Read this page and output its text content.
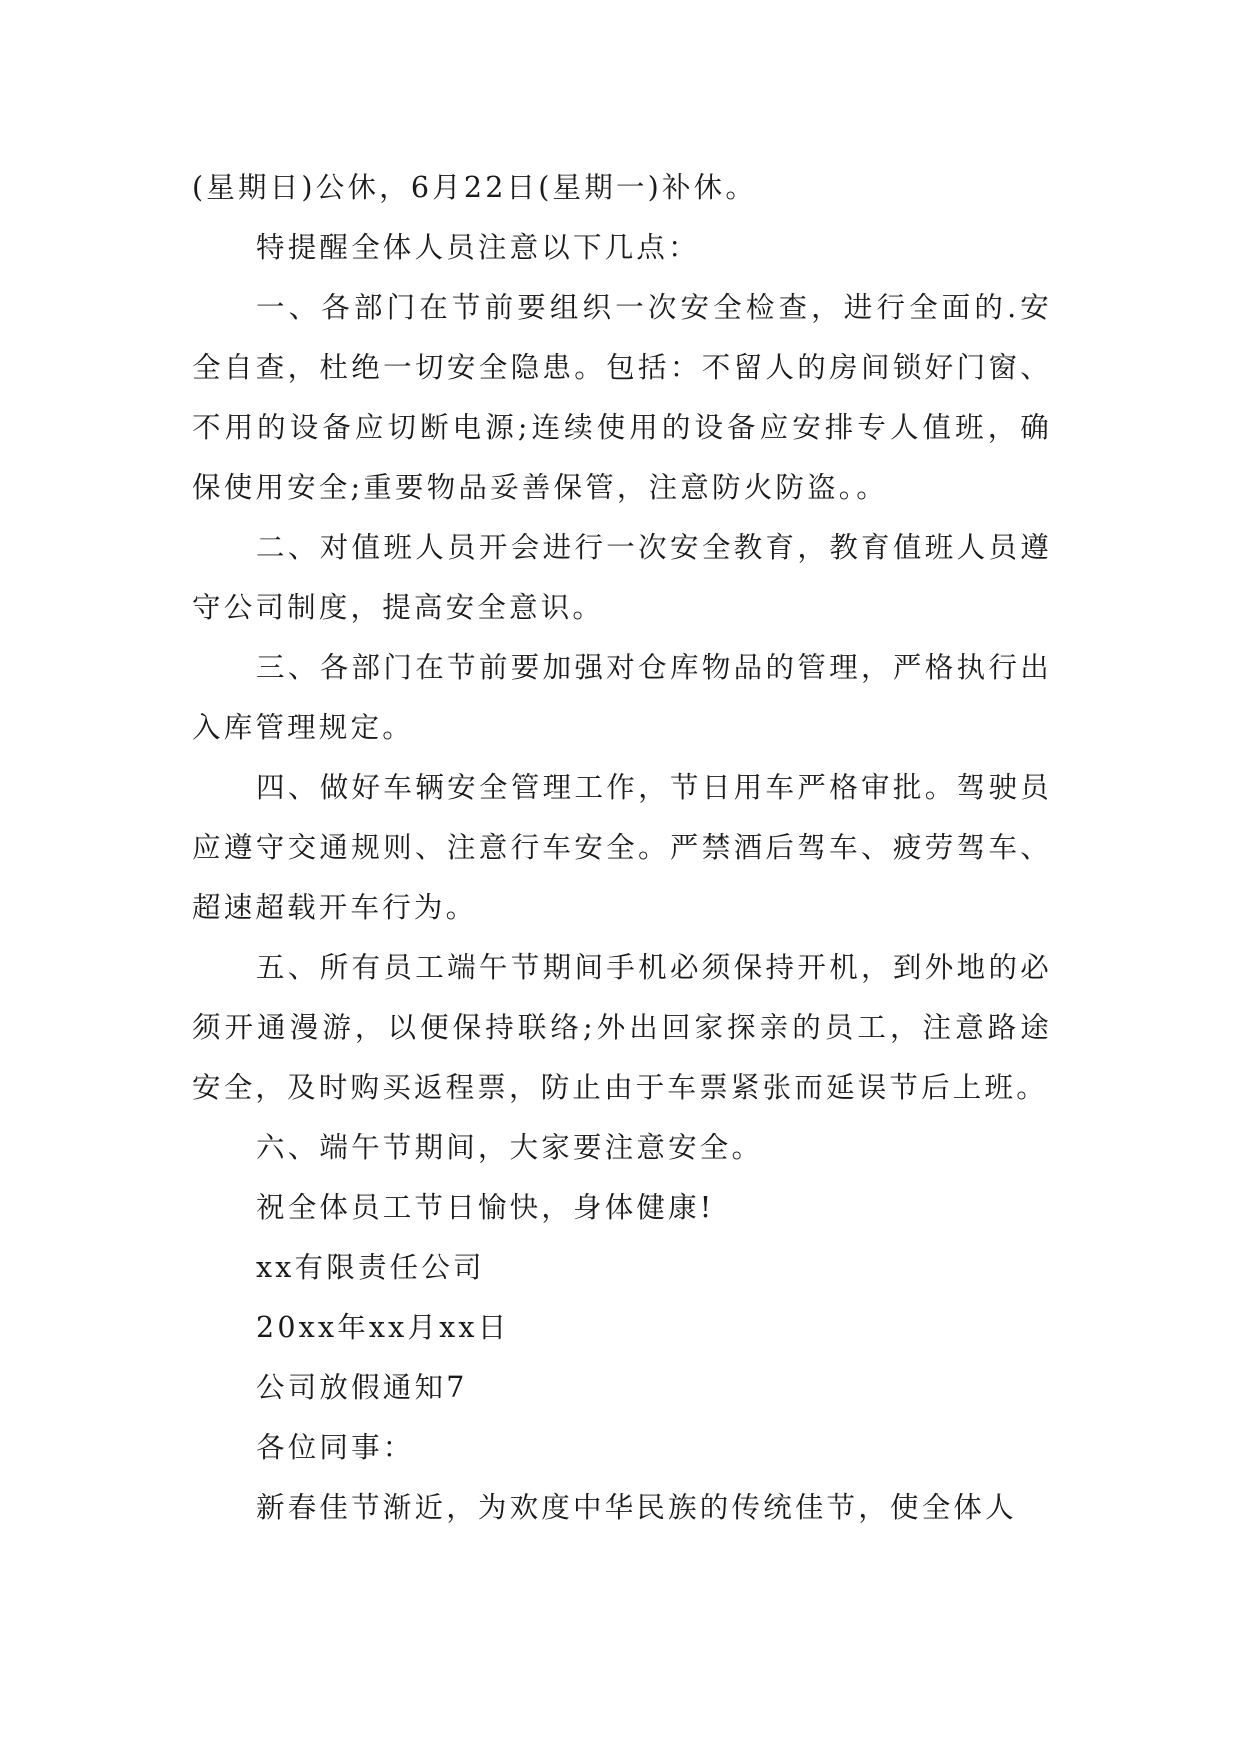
(星期日)公休，6月22日(星期一)补休。

特提醒全体人员注意以下几点：

一、各部门在节前要组织一次安全检查，进行全面的.安全自查，杜绝一切安全隐患。包括：不留人的房间锁好门窗、不用的设备应切断电源;连续使用的设备应安排专人值班，确保使用安全;重要物品妥善保管，注意防火防盗。。

二、对值班人员开会进行一次安全教育，教育值班人员遵守公司制度，提高安全意识。

三、各部门在节前要加强对仓库物品的管理，严格执行出入库管理规定。

四、做好车辆安全管理工作，节日用车严格审批。驾驶员应遵守交通规则、注意行车安全。严禁酒后驾车、疲劳驾车、超速超载开车行为。

五、所有员工端午节期间手机必须保持开机，到外地的必须开通漫游，以便保持联络;外出回家探亲的员工，注意路途安全，及时购买返程票，防止由于车票紧张而延误节后上班。

六、端午节期间，大家要注意安全。

祝全体员工节日愉快，身体健康!

xx有限责任公司

20xx年xx月xx日

公司放假通知7

各位同事：

新春佳节渐近，为欢度中华民族的传统佳节，使全体人
